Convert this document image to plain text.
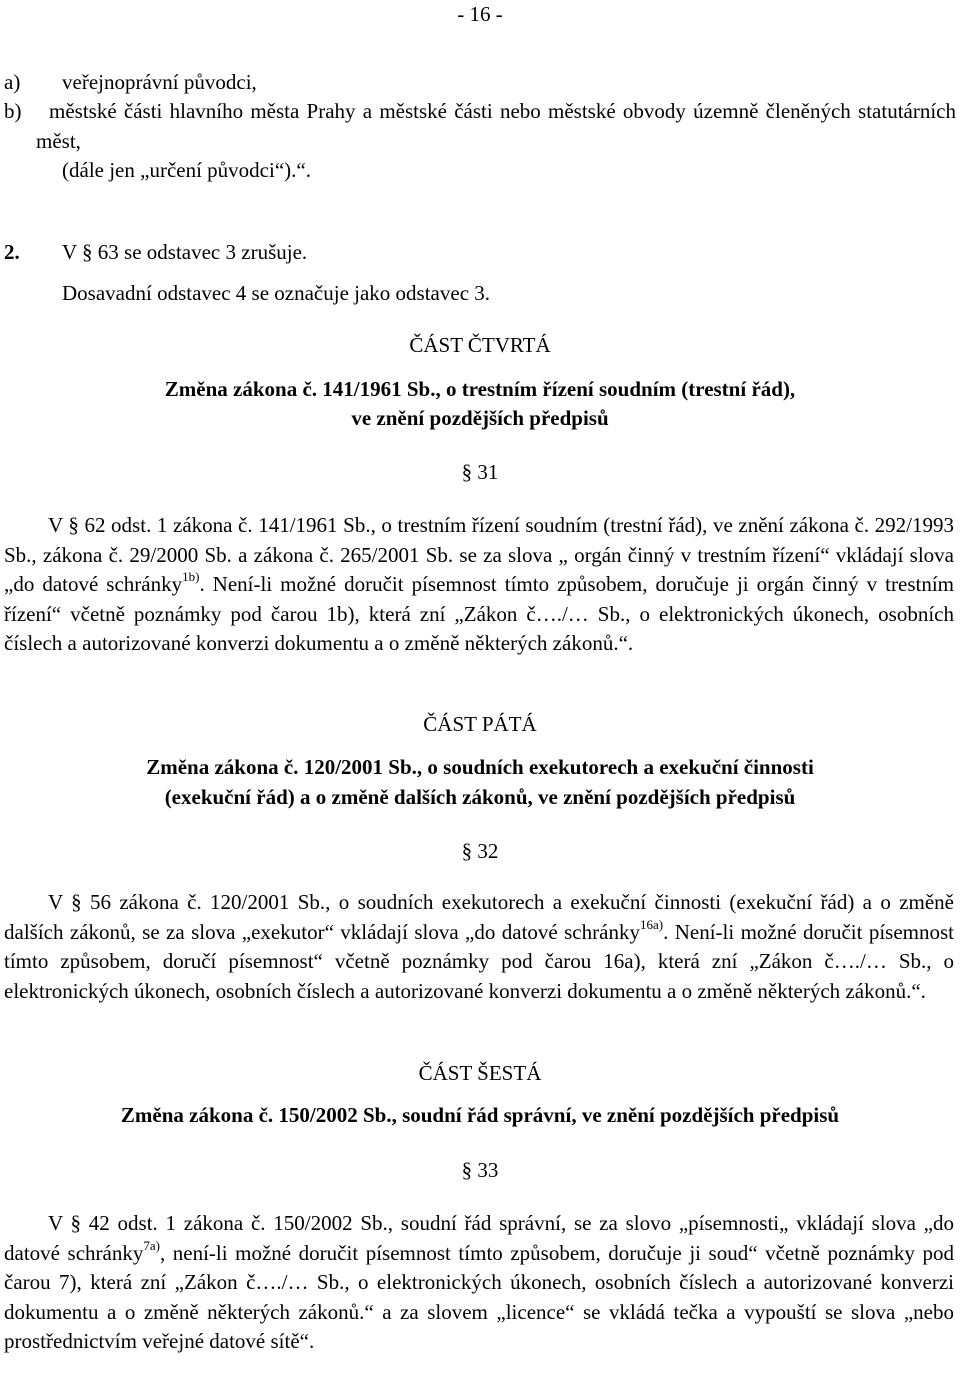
- 16 -
a) veřejnoprávní původci,
b)	městské části hlavního města Prahy a městské části nebo městské obvody územně členěných statutárních měst,
(dále jen „určení původci“).“.
2. V § 63 se odstavec 3 zrušuje.
Dosavadní odstavec 4 se označuje jako odstavec 3.
ČÁST ČTVRTÁ
Změna zákona č. 141/1961 Sb., o trestním řízení soudním (trestní řád),
ve znění pozdějších předpisů
§ 31
V § 62 odst. 1 zákona č. 141/1961 Sb., o trestním řízení soudním (trestní řád), ve znění zákona č. 292/1993 Sb., zákona č. 29/2000 Sb. a zákona č. 265/2001 Sb. se za slova „ orgán činný v trestním řízení“ vkládají slova „do datové schránky$^{1b)}$. Není-li možné doručit písemnost tímto způsobem, doručuje ji orgán činný v trestním řízení“ včetně poznámky pod čarou 1b), která zní „Zákon č…./… Sb., o elektronických úkonech, osobních číslech a autorizované konverzi dokumentu a o změně některých zákonů.“.
ČÁST PÁTÁ
Změna zákona č. 120/2001 Sb., o soudních exekutorech a exekuční činnosti
(exekuční řád) a o změně dalších zákonů, ve znění pozdějších předpisů
§ 32
V § 56 zákona č. 120/2001 Sb., o soudních exekutorech a exekuční činnosti (exekuční řád) a o změně dalších zákonů, se za slova „exekutor“ vkládají slova „do datové schránky$^{16a)}$. Není-li možné doručit písemnost tímto způsobem, doručí písemnost“ včetně poznámky pod čarou 16a), která zní „Zákon č…./… Sb., o elektronických úkonech, osobních číslech a autorizované konverzi dokumentu a o změně některých zákonů.“.
ČÁST ŠESTÁ
Změna zákona č. 150/2002 Sb., soudní řád správní, ve znění pozdějších předpisů
§ 33
V § 42 odst. 1 zákona č. 150/2002 Sb., soudní řád správní, se za slovo „písemnosti„ vkládají slova „do datové schránky$^{7a)}$, není-li možné doručit písemnost tímto způsobem, doručuje ji soud“ včetně poznámky pod čarou 7), která zní „Zákon č…./… Sb., o elektronických úkonech, osobních číslech a autorizované konverzi dokumentu a o změně některých zákonů.“ a za slovem „licence“ se vkládá tečka a vypouští se slova „nebo prostřednictvím veřejné datové sítě“.
